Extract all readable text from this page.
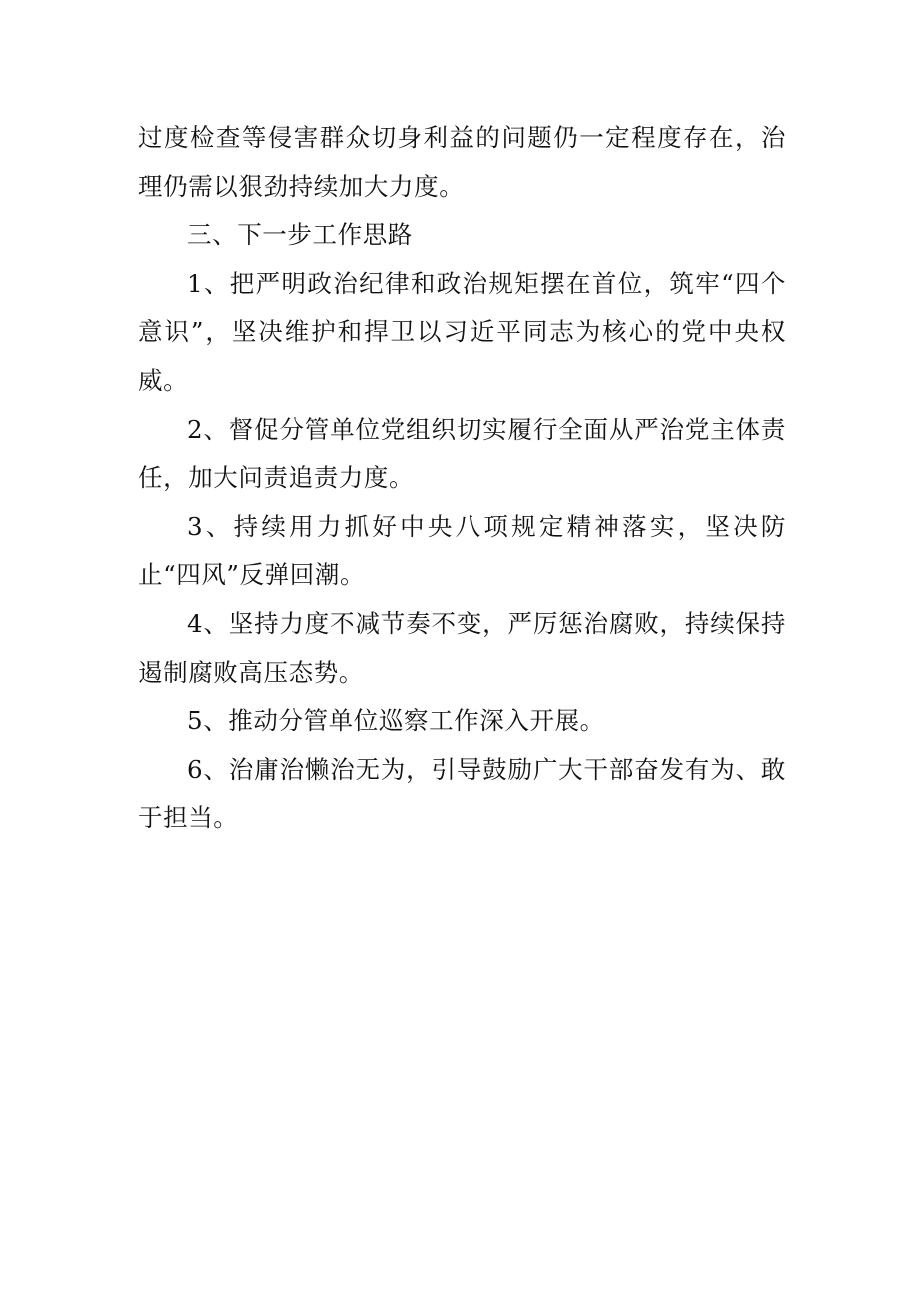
过度检查等侵害群众切身利益的问题仍一定程度存在，治理仍需以狠劲持续加大力度。

三、下一步工作思路

1、把严明政治纪律和政治规矩摆在首位，筑牢“四个意识”，坚决维护和捍卫以习近平同志为核心的党中央权威。

2、督促分管单位党组织切实履行全面从严治党主体责任，加大问责追责力度。

3、持续用力抓好中央八项规定精神落实，坚决防止“四风”反弹回潮。

4、坚持力度不减节奏不变，严厉惩治腐败，持续保持遏制腐败高压态势。

5、推动分管单位巡察工作深入开展。

6、治庸治懒治无为，引导鼓励广大干部奋发有为、敢于担当。
